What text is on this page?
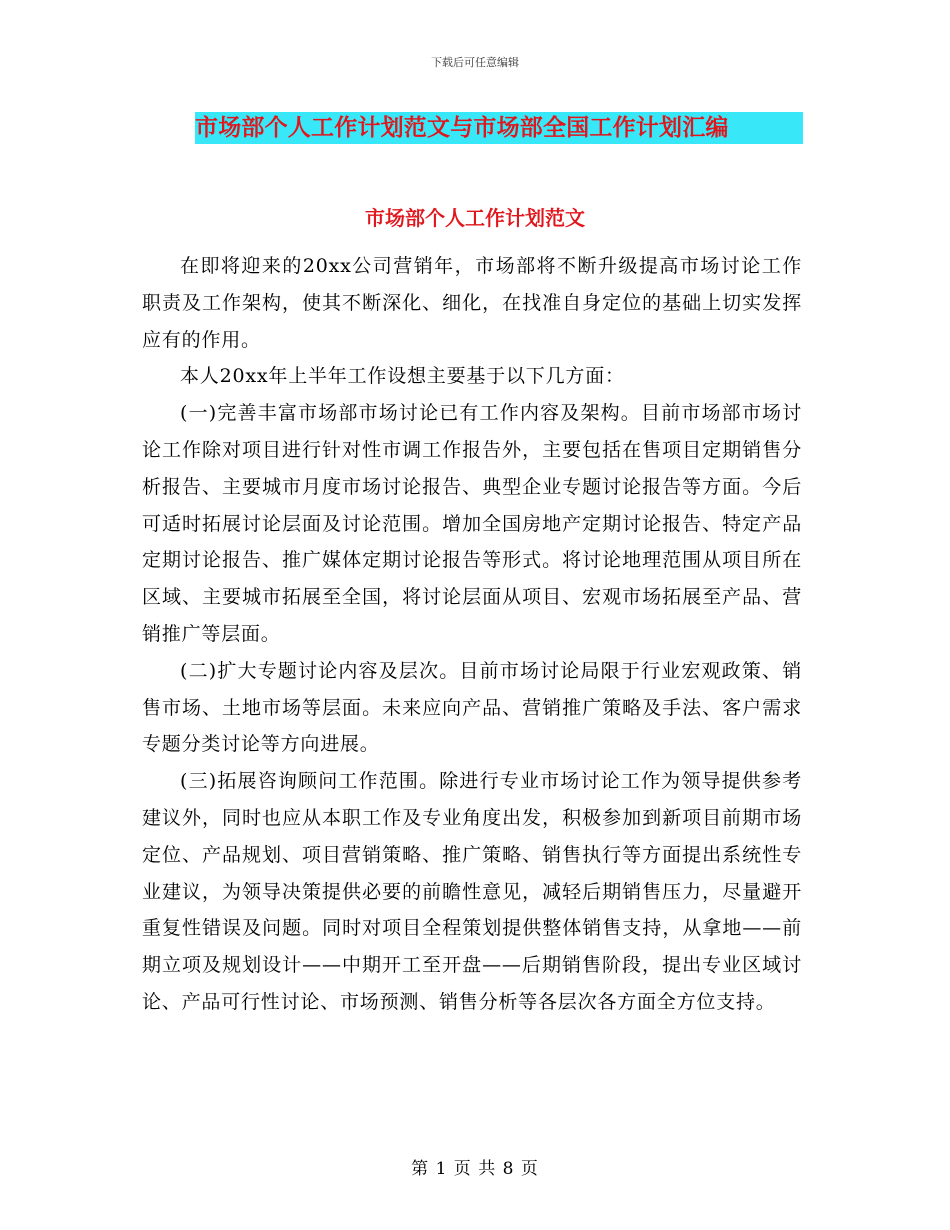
下载后可任意编辑
市场部个人工作计划范文与市场部全国工作计划汇编
市场部个人工作计划范文

在即将迎来的20xx公司营销年，市场部将不断升级提高市场讨论工作职责及工作架构，使其不断深化、细化，在找准自身定位的基础上切实发挥应有的作用。

本人20xx年上半年工作设想主要基于以下几方面：

(一)完善丰富市场部市场讨论已有工作内容及架构。目前市场部市场讨论工作除对项目进行针对性市调工作报告外，主要包括在售项目定期销售分析报告、主要城市月度市场讨论报告、典型企业专题讨论报告等方面。今后可适时拓展讨论层面及讨论范围。增加全国房地产定期讨论报告、特定产品定期讨论报告、推广媒体定期讨论报告等形式。将讨论地理范围从项目所在区域、主要城市拓展至全国，将讨论层面从项目、宏观市场拓展至产品、营销推广等层面。

(二)扩大专题讨论内容及层次。目前市场讨论局限于行业宏观政策、销售市场、土地市场等层面。未来应向产品、营销推广策略及手法、客户需求专题分类讨论等方向进展。

(三)拓展咨询顾问工作范围。除进行专业市场讨论工作为领导提供参考建议外，同时也应从本职工作及专业角度出发，积极参加到新项目前期市场定位、产品规划、项目营销策略、推广策略、销售执行等方面提出系统性专业建议，为领导决策提供必要的前瞻性意见，减轻后期销售压力，尽量避开重复性错误及问题。同时对项目全程策划提供整体销售支持，从拿地——前期立项及规划设计——中期开工至开盘——后期销售阶段，提出专业区域讨论、产品可行性讨论、市场预测、销售分析等各层次各方面全方位支持。

第 1 页 共 8 页
